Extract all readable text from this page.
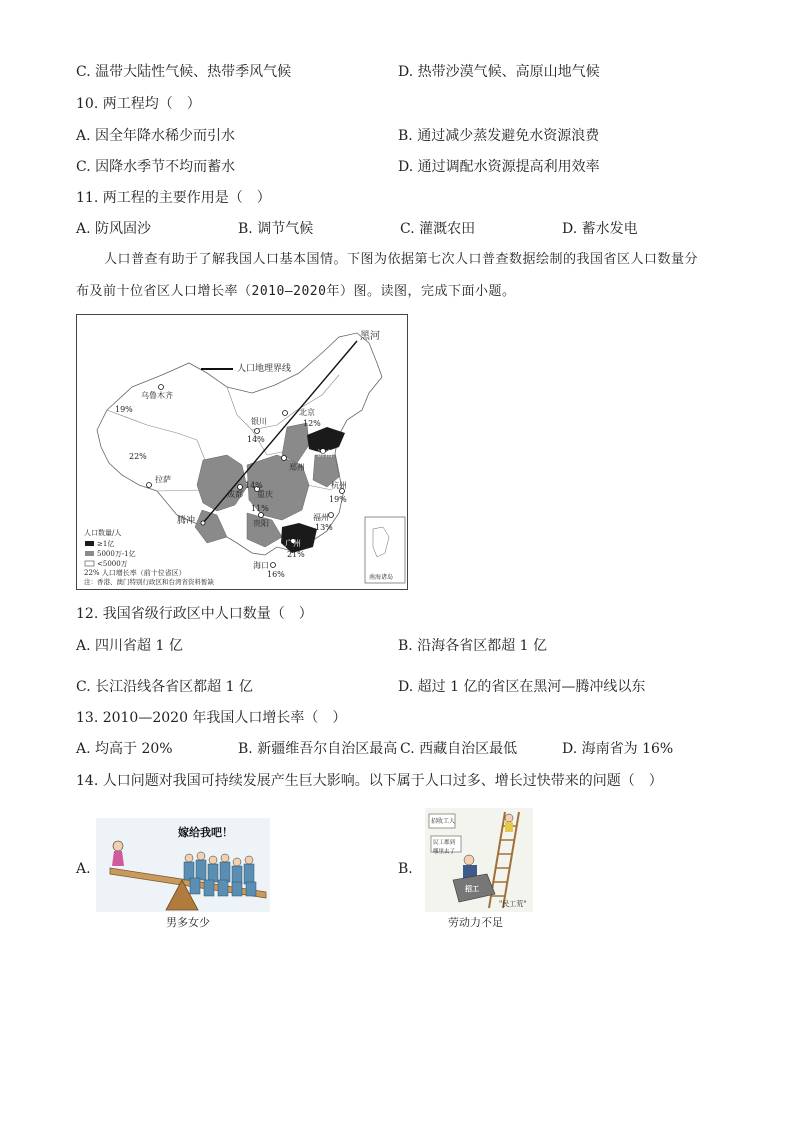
C. 温带大陆性气候、热带季风气候	D. 热带沙漠气候、高原山地气候
10. 两工程均（　）
A. 因全年降水稀少而引水	B. 通过减少蒸发避免水资源浪费
C. 因降水季节不均而蓄水	D. 通过调配水资源提高利用效率
11. 两工程的主要作用是（　）
A. 防风固沙	B. 调节气候	C. 灌溉农田	D. 蓄水发电
人口普查有助于了解我国人口基本国情。下图为依据第七次人口普查数据绘制的我国省区人口数量分
布及前十位省区人口增长率（2010—2020年）图。读图，完成下面小题。
人口地理界线
黑河
腾冲
乌鲁木齐
19%
22%
拉萨
银川
14%
北京
12%
济南
郑州
成都
14%
重庆
11%
贵阳
杭州
19%
福州
13%
广州
21%
海口
16%
人口数量/人
≥1亿
5000万-1亿
<5000万
22% 人口增长率（前十位省区）
注：香港、澳门特别行政区和台湾省资料暂缺
南海诸岛
12. 我国省级行政区中人口数量（　）
A. 四川省超 1 亿	B. 沿海各省区都超 1 亿
C. 长江沿线各省区都超 1 亿	D. 超过 1 亿的省区在黑河—腾冲线以东
13. 2010—2020 年我国人口增长率（　）
A. 均高于 20%	B. 新疆维吾尔自治区最高 C. 西藏自治区最低	D. 海南省为 16%
14. 人口问题对我国可持续发展产生巨大影响。以下属于人口过多、增长过快带来的问题（　）
A.
嫁给我吧！
男多女少
B.
招收工人
民工都到哪里去了
招工
"民工荒"
劳动力不足
